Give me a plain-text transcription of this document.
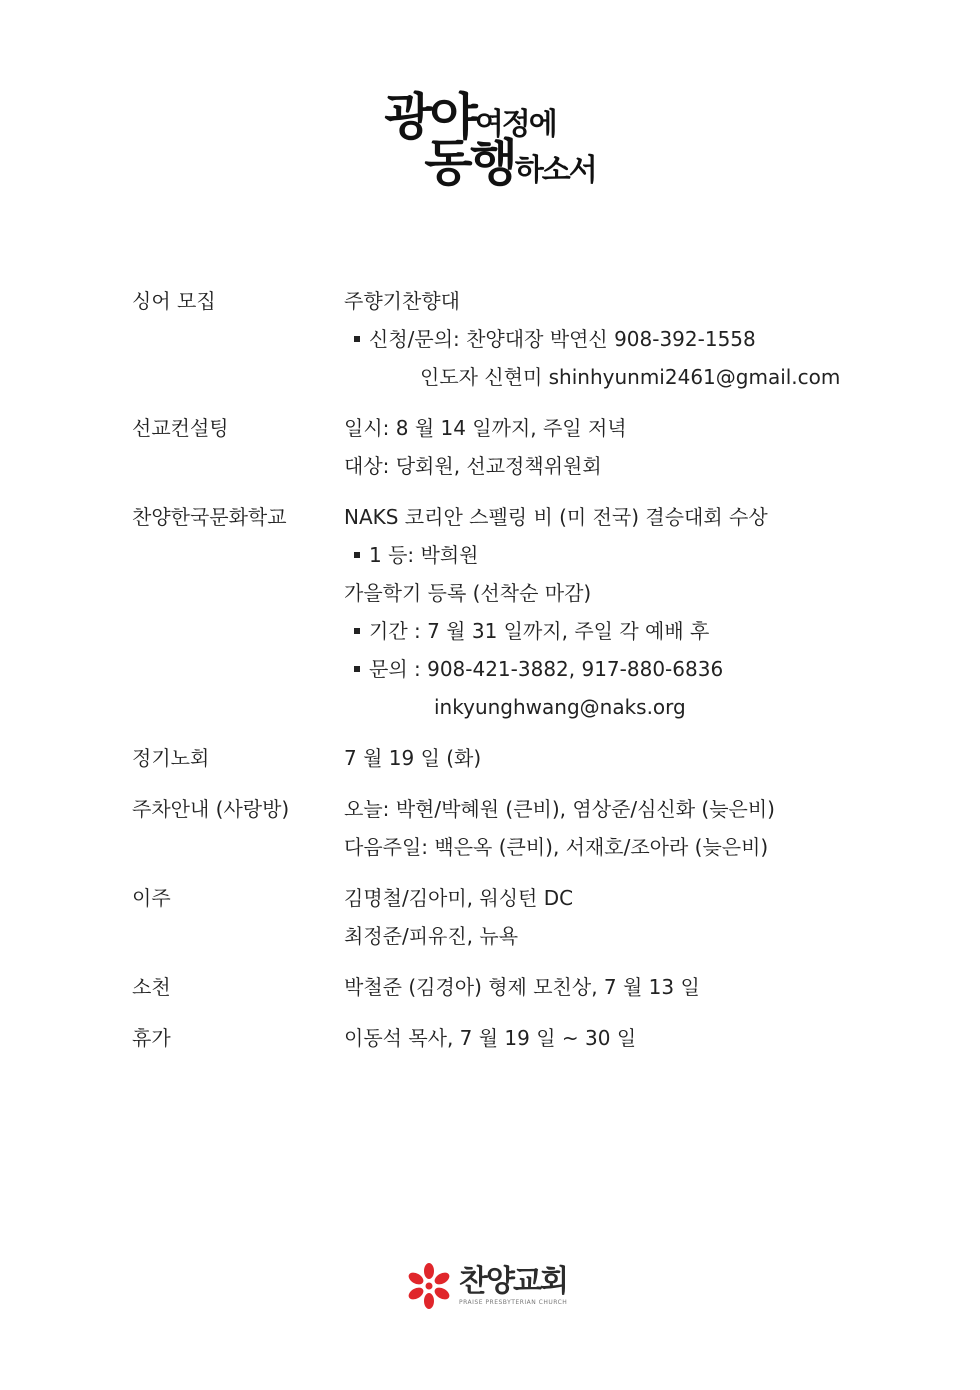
광야여정에
동행하소서
싱어 모집	주향기찬향대
신청/문의: 찬양대장 박연신 908-392-1558
인도자 신현미 shinhyunmi2461@gmail.com
선교컨설팅	일시: 8 월 14 일까지, 주일 저녁
대상: 당회원, 선교정책위원회
찬양한국문화학교	NAKS 코리안 스펠링 비 (미 전국) 결승대회 수상
1 등: 박희원
가을학기 등록 (선착순 마감)
기간 : 7 월 31 일까지, 주일 각 예배 후
문의 : 908-421-3882, 917-880-6836
inkyunghwang@naks.org
정기노회	7 월 19 일 (화)
주차안내 (사랑방)	오늘: 박현/박혜원 (큰비), 염상준/심신화 (늦은비)
다음주일: 백은옥 (큰비), 서재호/조아라 (늦은비)
이주	김명철/김아미, 워싱턴 DC
최정준/피유진, 뉴욕
소천	박철준 (김경아) 형제 모친상, 7 월 13 일
휴가	이동석 목사, 7 월 19 일 ~ 30 일
찬양교회
PRAISE PRESBYTERIAN CHURCH
